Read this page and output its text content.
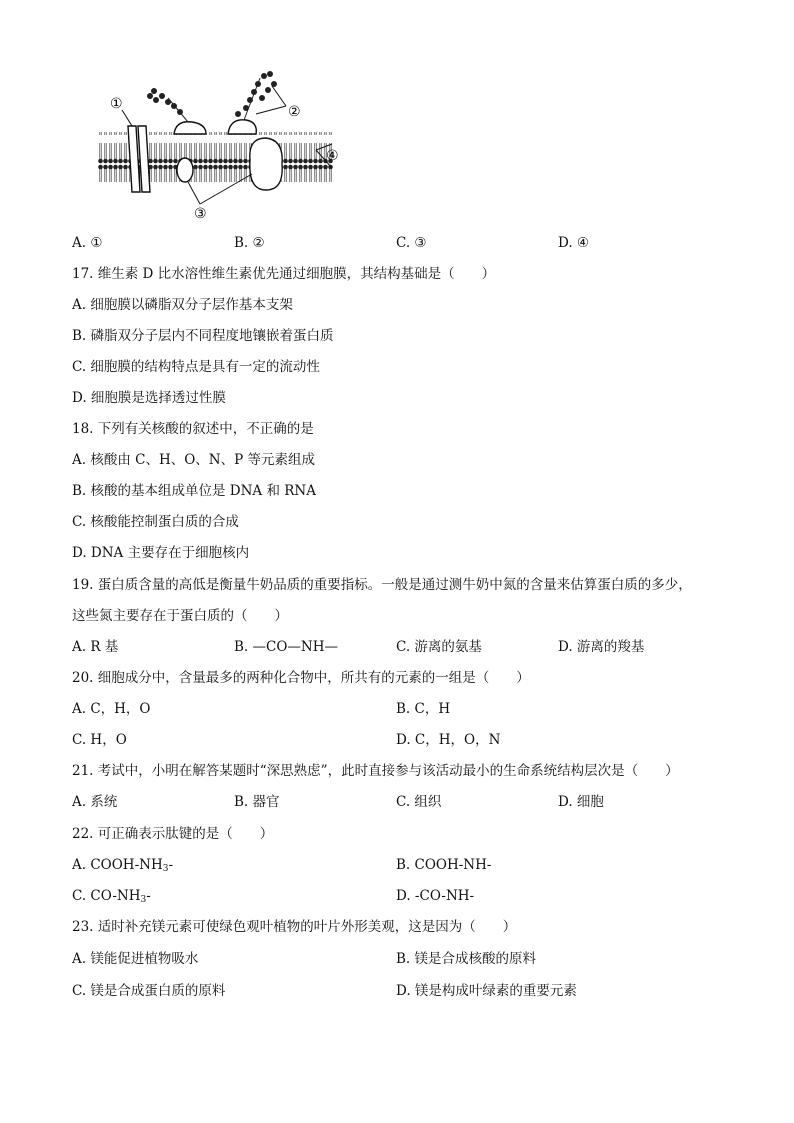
①	②
③
④
A. ①	B. ②	C. ③	D. ④
17. 维生素 D 比水溶性维生素优先通过细胞膜，其结构基础是（　　）
A. 细胞膜以磷脂双分子层作基本支架
B. 磷脂双分子层内不同程度地镶嵌着蛋白质
C. 细胞膜的结构特点是具有一定的流动性
D. 细胞膜是选择透过性膜
18. 下列有关核酸的叙述中，不正确的是
A. 核酸由 C、H、O、N、P 等元素组成
B. 核酸的基本组成单位是 DNA 和 RNA
C. 核酸能控制蛋白质的合成
D. DNA 主要存在于细胞核内
19. 蛋白质含量的高低是衡量牛奶品质的重要指标。一般是通过测牛奶中氮的含量来估算蛋白质的多少，
这些氮主要存在于蛋白质的（　　）
A. R 基	B. —CO—NH—	C. 游离的氨基	D. 游离的羧基
20. 细胞成分中，含量最多的两种化合物中，所共有的元素的一组是（　　）
A. C，H，O	B. C，H
C. H，O	D. C，H，O，N
21. 考试中，小明在解答某题时“深思熟虑”，此时直接参与该活动最小的生命系统结构层次是（　　）
A. 系统	B. 器官	C. 组织	D. 细胞
22. 可正确表示肽键的是（　　）
A. COOH-$NH_3-$	B. COOH-NH-
C. $CO-NH_3-$	D. -CO-NH-
23. 适时补充镁元素可使绿色观叶植物的叶片外形美观，这是因为（　　）
A. 镁能促进植物吸水	B. 镁是合成核酸的原料
C. 镁是合成蛋白质的原料	D. 镁是构成叶绿素的重要元素
